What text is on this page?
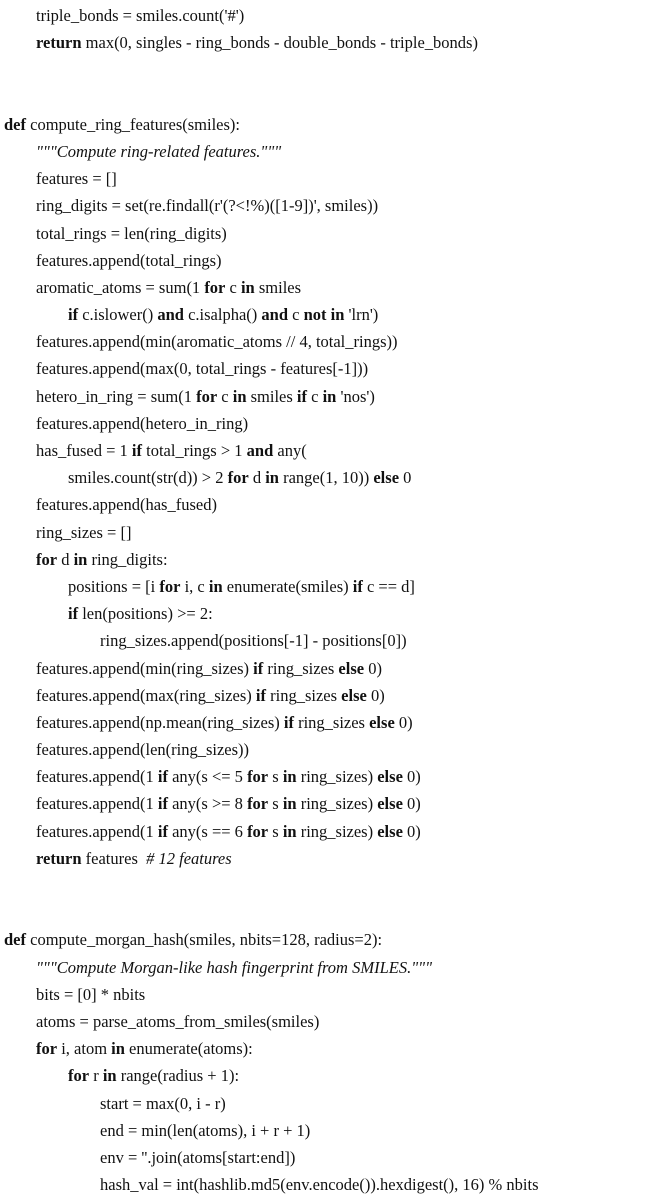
triple_bonds = smiles.count('#')
return max(0, singles - ring_bonds - double_bonds - triple_bonds)
def compute_ring_features(smiles):
"""Compute ring-related features."""
features = []
ring_digits = set(re.findall(r'(?<!%)([1-9])', smiles))
total_rings = len(ring_digits)
features.append(total_rings)
aromatic_atoms = sum(1 for c in smiles
if c.islower() and c.isalpha() and c not in 'lrn')
features.append(min(aromatic_atoms // 4, total_rings))
features.append(max(0, total_rings - features[-1]))
hetero_in_ring = sum(1 for c in smiles if c in 'nos')
features.append(hetero_in_ring)
has_fused = 1 if total_rings > 1 and any(
smiles.count(str(d)) > 2 for d in range(1, 10)) else 0
features.append(has_fused)
ring_sizes = []
for d in ring_digits:
positions = [i for i, c in enumerate(smiles) if c == d]
if len(positions) >= 2:
ring_sizes.append(positions[-1] - positions[0])
features.append(min(ring_sizes) if ring_sizes else 0)
features.append(max(ring_sizes) if ring_sizes else 0)
features.append(np.mean(ring_sizes) if ring_sizes else 0)
features.append(len(ring_sizes))
features.append(1 if any(s <= 5 for s in ring_sizes) else 0)
features.append(1 if any(s >= 8 for s in ring_sizes) else 0)
features.append(1 if any(s == 6 for s in ring_sizes) else 0)
return features  # 12 features
def compute_morgan_hash(smiles, nbits=128, radius=2):
"""Compute Morgan-like hash fingerprint from SMILES."""
bits = [0] * nbits
atoms = parse_atoms_from_smiles(smiles)
for i, atom in enumerate(atoms):
for r in range(radius + 1):
start = max(0, i - r)
end = min(len(atoms), i + r + 1)
env = ''.join(atoms[start:end])
hash_val = int(hashlib.md5(env.encode()).hexdigest(), 16) % nbits
